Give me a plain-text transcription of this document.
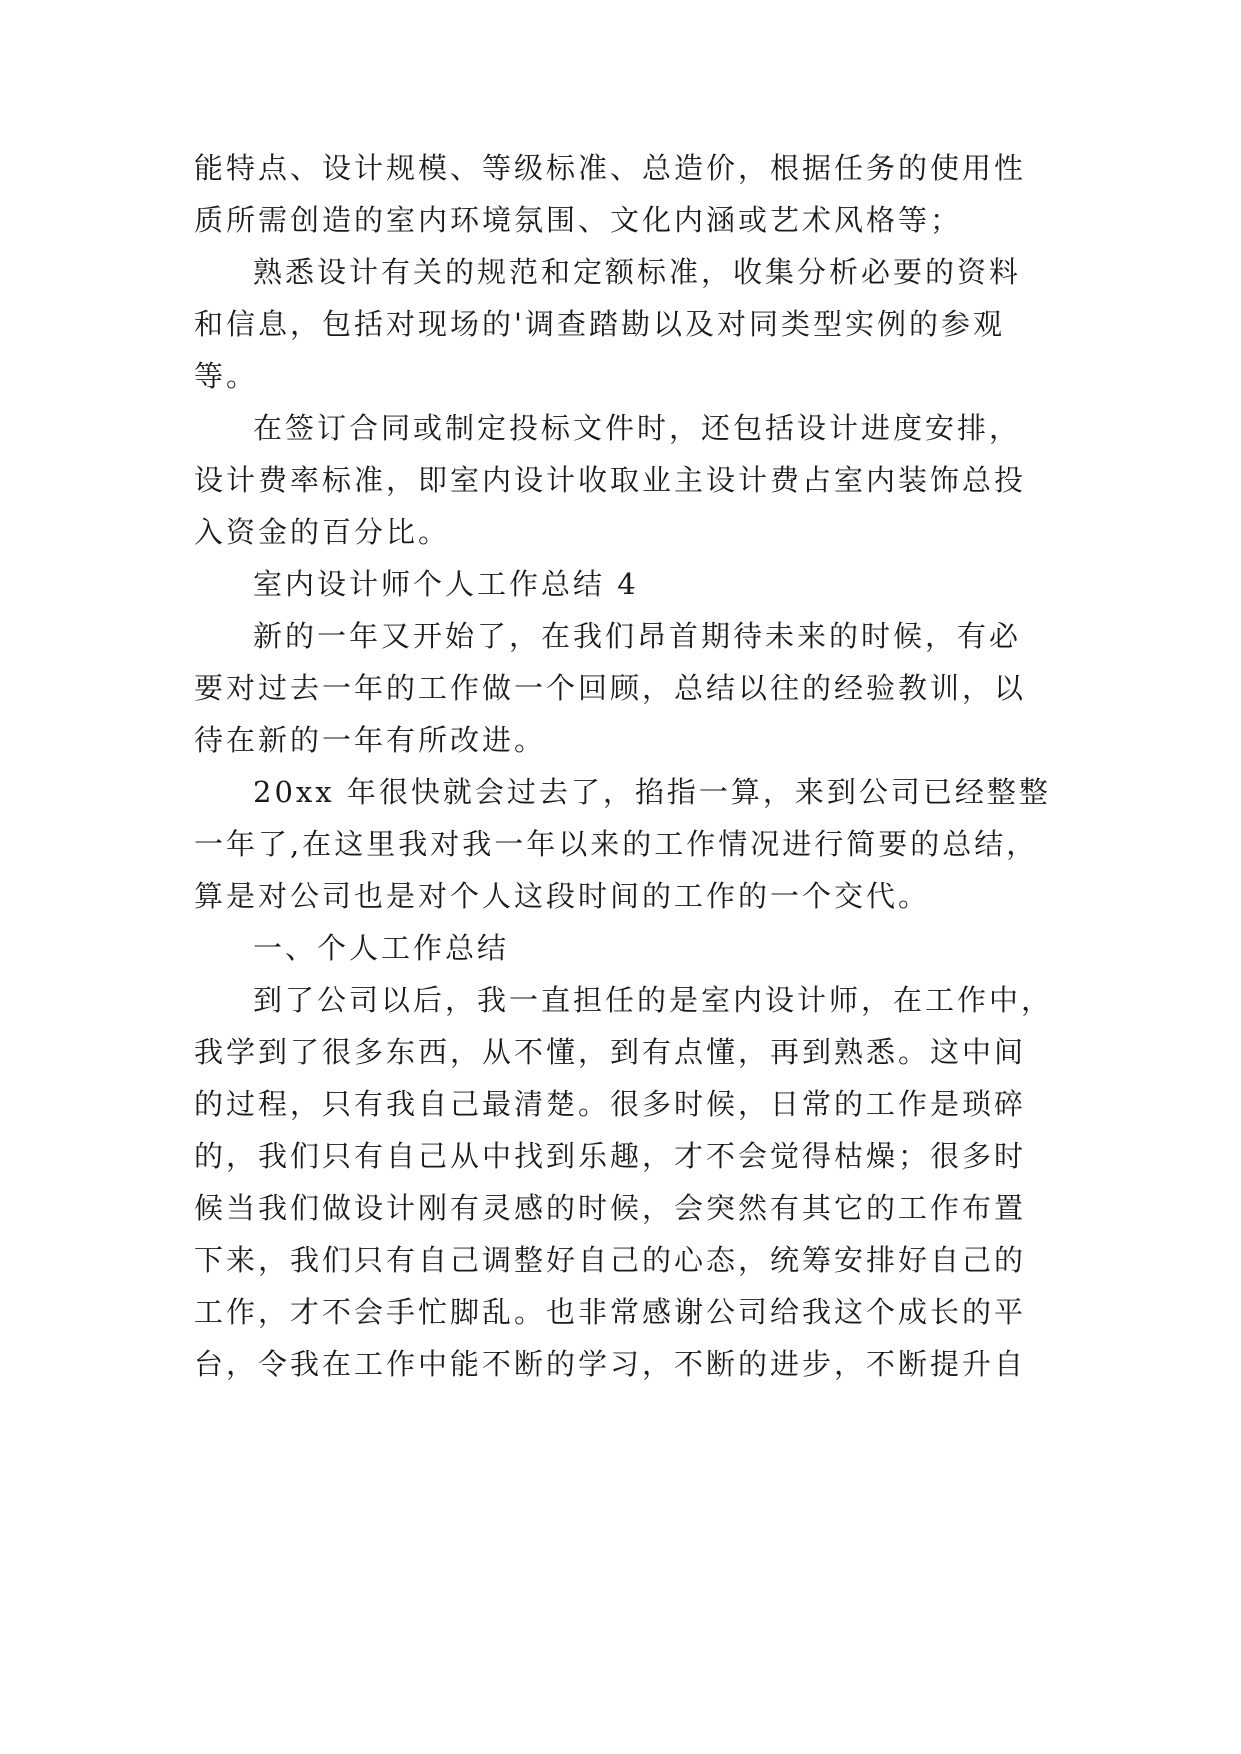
能特点、设计规模、等级标准、总造价，根据任务的使用性
质所需创造的室内环境氛围、文化内涵或艺术风格等；
熟悉设计有关的规范和定额标准，收集分析必要的资料
和信息，包括对现场的'调查踏勘以及对同类型实例的参观
等。
在签订合同或制定投标文件时，还包括设计进度安排，
设计费率标准，即室内设计收取业主设计费占室内装饰总投
入资金的百分比。
室内设计师个人工作总结 4
新的一年又开始了，在我们昂首期待未来的时候，有必
要对过去一年的工作做一个回顾，总结以往的经验教训，以
待在新的一年有所改进。
20xx 年很快就会过去了，掐指一算，来到公司已经整整
一年了,在这里我对我一年以来的工作情况进行简要的总结，
算是对公司也是对个人这段时间的工作的一个交代。
一、个人工作总结
到了公司以后，我一直担任的是室内设计师，在工作中，
我学到了很多东西，从不懂，到有点懂，再到熟悉。这中间
的过程，只有我自己最清楚。很多时候，日常的工作是琐碎
的，我们只有自己从中找到乐趣，才不会觉得枯燥；很多时
候当我们做设计刚有灵感的时候，会突然有其它的工作布置
下来，我们只有自己调整好自己的心态，统筹安排好自己的
工作，才不会手忙脚乱。也非常感谢公司给我这个成长的平
台，令我在工作中能不断的学习，不断的进步，不断提升自
